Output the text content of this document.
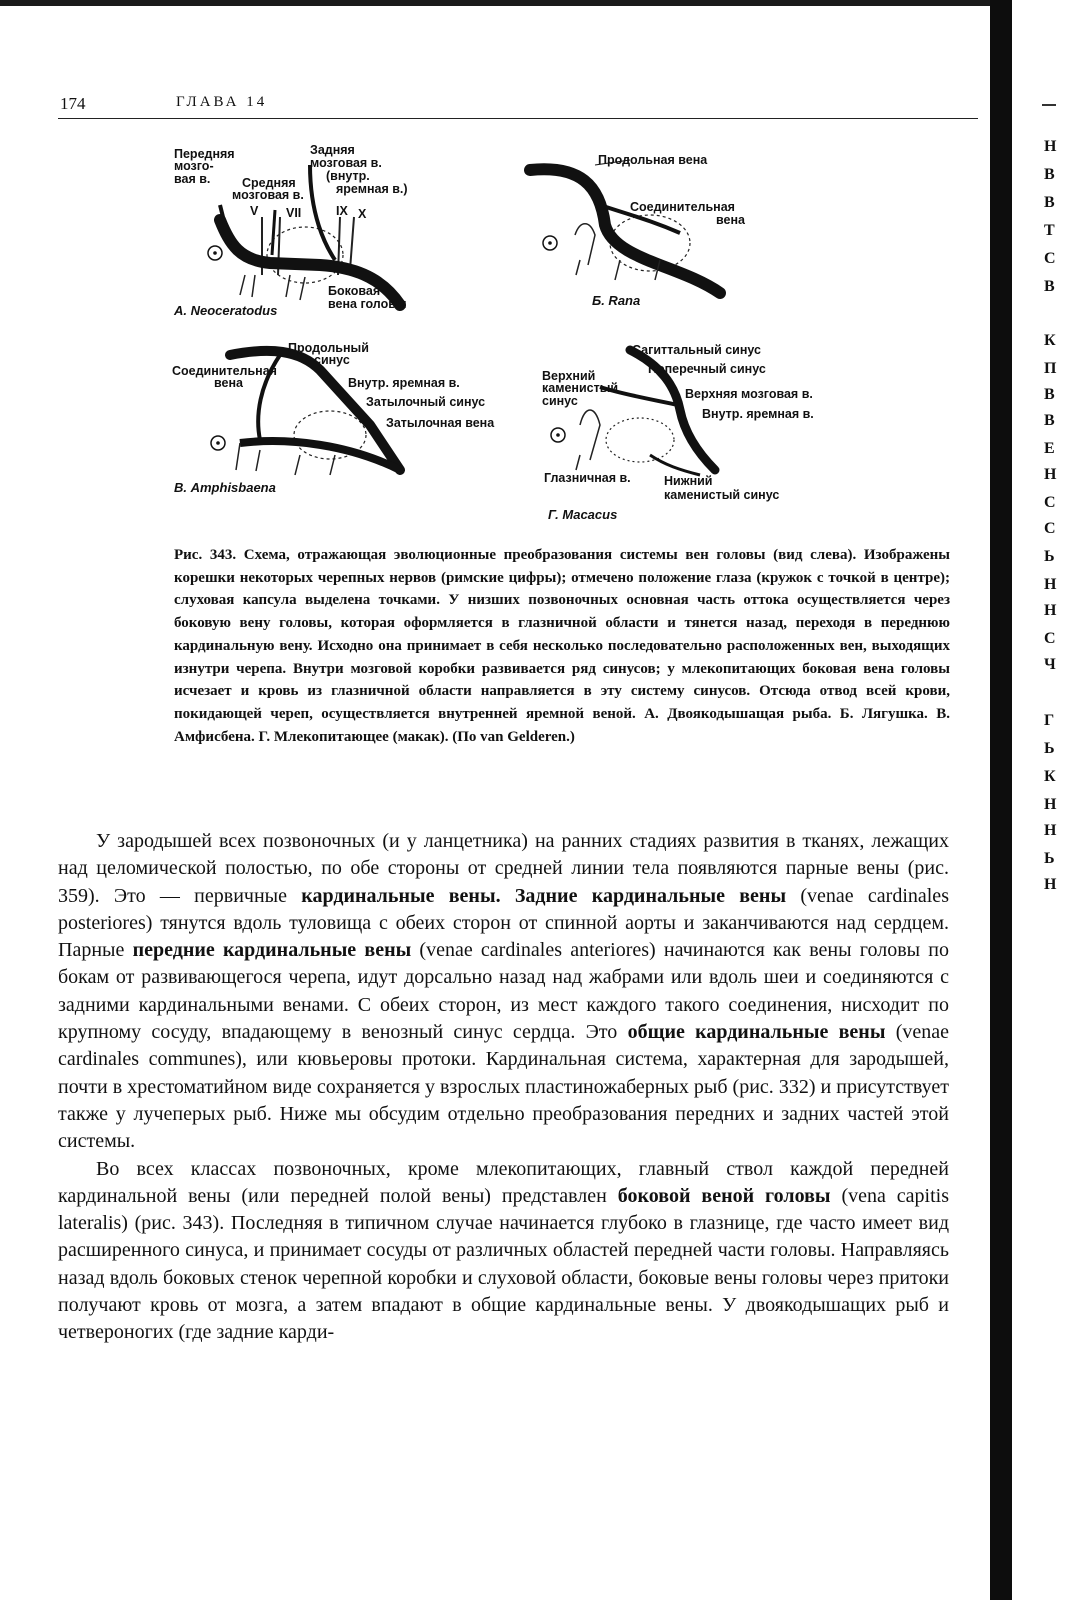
174	ГЛАВА 14
Н
В
В
Т
С
В
К
П
В
В
Е
Н
С
С
Ь
Н
Н
С
Ч
Г
Ь
К
Н
Н
Ь
Н
Передняя
мозго-
вая в.
Задняя
мозговая в.
(внутр.
яремная в.)
Средняя
мозговая в.
V VII	IX X
Боковая
вена головы
А. Neoceratodus
Продольная вена
Соединительная
вена
Б. Rana
Продольный
синус
Соединительная
вена	Внутр. яремная в.
Затылочный синус
Затылочная вена
В. Amphisbaena
Сагиттальный синус
Поперечный синус
Верхний
каменистый
синус	Верхняя мозговая в.
Внутр. яремная в.
Глазничная в.	Нижний
каменистый синус
Г. Macacus
Рис. 343. Схема, отражающая эволюционные преобразования системы вен головы (вид слева). Изображены корешки некоторых черепных нервов (римские цифры); отмечено положение глаза (кружок с точкой в центре); слуховая капсула выделена точками. У низших позвоночных основная часть оттока осуществляется через боковую вену головы, которая оформляется в глазничной области и тянется назад, переходя в переднюю кардинальную вену. Исходно она принимает в себя несколько последовательно расположенных вен, выходящих изнутри черепа. Внутри мозговой коробки развивается ряд синусов; у млекопитающих боковая вена головы исчезает и кровь из глазничной области направляется в эту систему синусов. Отсюда отвод всей крови, покидающей череп, осуществляется внутренней яремной веной. А. Двоякодышащая рыба. Б. Лягушка. В. Амфисбена. Г. Млекопитающее (макак). (По van Gelderen.)

У зародышей всех позвоночных (и у ланцетника) на ранних стадиях развития в тканях, лежащих над целомической полостью, по обе стороны от средней линии тела появляются парные вены (рис. 359). Это — первичные кардинальные вены. Задние кардинальные вены (venae cardinales posteriores) тянутся вдоль туловища с обеих сторон от спинной аорты и заканчиваются над сердцем. Парные передние кардинальные вены (venae cardinales anteriores) начинаются как вены головы по бокам от развивающегося черепа, идут дорсально назад над жабрами или вдоль шеи и соединяются с задними кардинальными венами. С обеих сторон, из мест каждого такого соединения, нисходит по крупному сосуду, впадающему в венозный синус сердца. Это общие кардинальные вены (venae cardinales communes), или кювьеровы протоки. Кардинальная система, характерная для зародышей, почти в хрестоматийном виде сохраняется у взрослых пластиножаберных рыб (рис. 332) и присутствует также у лучеперых рыб. Ниже мы обсудим отдельно преобразования передних и задних частей этой системы.

Во всех классах позвоночных, кроме млекопитающих, главный ствол каждой передней кардинальной вены (или передней полой вены) представлен боковой веной головы (vena capitis lateralis) (рис. 343). Последняя в типичном случае начинается глубоко в глазнице, где часто имеет вид расширенного синуса, и принимает сосуды от различных областей передней части головы. Направляясь назад вдоль боковых стенок черепной коробки и слуховой области, боковые вены головы через притоки получают кровь от мозга, а затем впадают в общие кардинальные вены. У двоякодышащих рыб и четвероногих (где задние карди-
